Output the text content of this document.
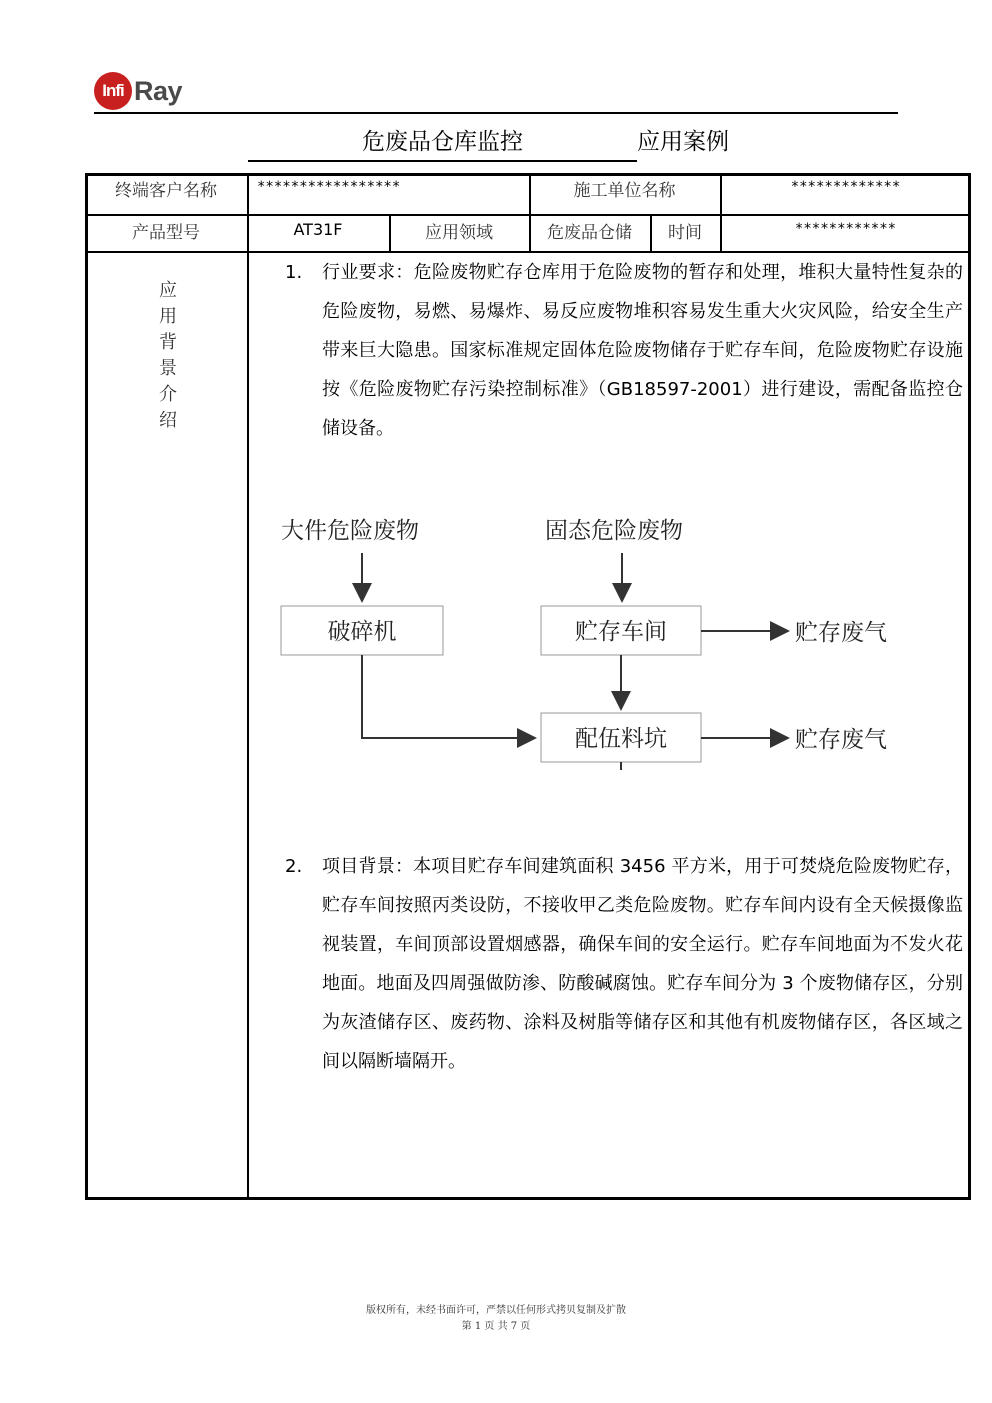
Infi Ray
危废品仓库监控	应用案例
终端客户名称	*****************	施工单位名称	*************
产品型号	AT31F	应用领域	危废品仓储	时间	************
应
用
背
景
介
绍
1. 行业要求：危险废物贮存仓库用于危险废物的暂存和处理，堆积大量特性复杂的危险废物，易燃、易爆炸、易反应废物堆积容易发生重大火灾风险，给安全生产带来巨大隐患。国家标准规定固体危险废物储存于贮存车间，危险废物贮存设施按《危险废物贮存污染控制标准》（GB18597-2001）进行建设，需配备监控仓储设备。
大件危险废物	固态危险废物
破碎机	贮存车间	贮存废气
配伍料坑	贮存废气
2. 项目背景：本项目贮存车间建筑面积 3456 平方米，用于可焚烧危险废物贮存，贮存车间按照丙类设防，不接收甲乙类危险废物。贮存车间内设有全天候摄像监视装置，车间顶部设置烟感器，确保车间的安全运行。贮存车间地面为不发火花地面。地面及四周强做防渗、防酸碱腐蚀。贮存车间分为 3 个废物储存区，分别为灰渣储存区、废药物、涂料及树脂等储存区和其他有机废物储存区，各区域之间以隔断墙隔开。
版权所有，未经书面许可，严禁以任何形式拷贝复制及扩散
第 1 页 共 7 页
